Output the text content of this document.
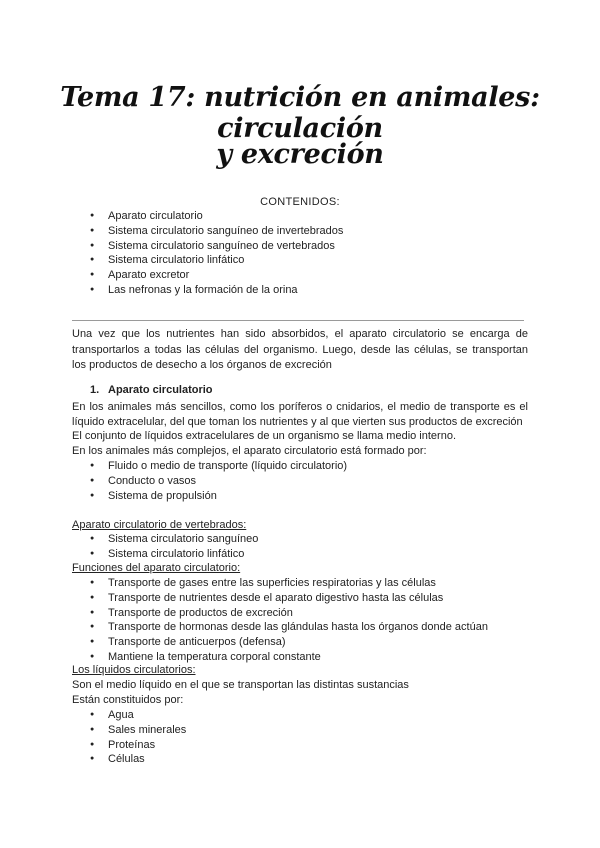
Tema 17: nutrición en animales: circulación
y excreción
CONTENIDOS:
● Aparato circulatorio
● Sistema circulatorio sanguíneo de invertebrados
● Sistema circulatorio sanguíneo de vertebrados
● Sistema circulatorio linfático
● Aparato excretor
● Las nefronas y la formación de la orina
Una vez que los nutrientes han sido absorbidos, el aparato circulatorio se encarga de
transportarlos a todas las células del organismo. Luego, desde las células, se transportan
los productos de desecho a los órganos de excreción
1. Aparato circulatorio
En los animales más sencillos, como los poríferos o cnidarios, el medio de transporte es el
líquido extracelular, del que toman los nutrientes y al que vierten sus productos de excreción
El conjunto de líquidos extracelulares de un organismo se llama medio interno.
En los animales más complejos, el aparato circulatorio está formado por:
● Fluido o medio de transporte (líquido circulatorio)
● Conducto o vasos
● Sistema de propulsión
Aparato circulatorio de vertebrados:
● Sistema circulatorio sanguíneo
● Sistema circulatorio linfático
Funciones del aparato circulatorio:
● Transporte de gases entre las superficies respiratorias y las células
● Transporte de nutrientes desde el aparato digestivo hasta las células
● Transporte de productos de excreción
● Transporte de hormonas desde las glándulas hasta los órganos donde actúan
● Transporte de anticuerpos (defensa)
● Mantiene la temperatura corporal constante
Los líquidos circulatorios:
Son el medio líquido en el que se transportan las distintas sustancias
Están constituidos por:
● Agua
● Sales minerales
● Proteínas
● Células
